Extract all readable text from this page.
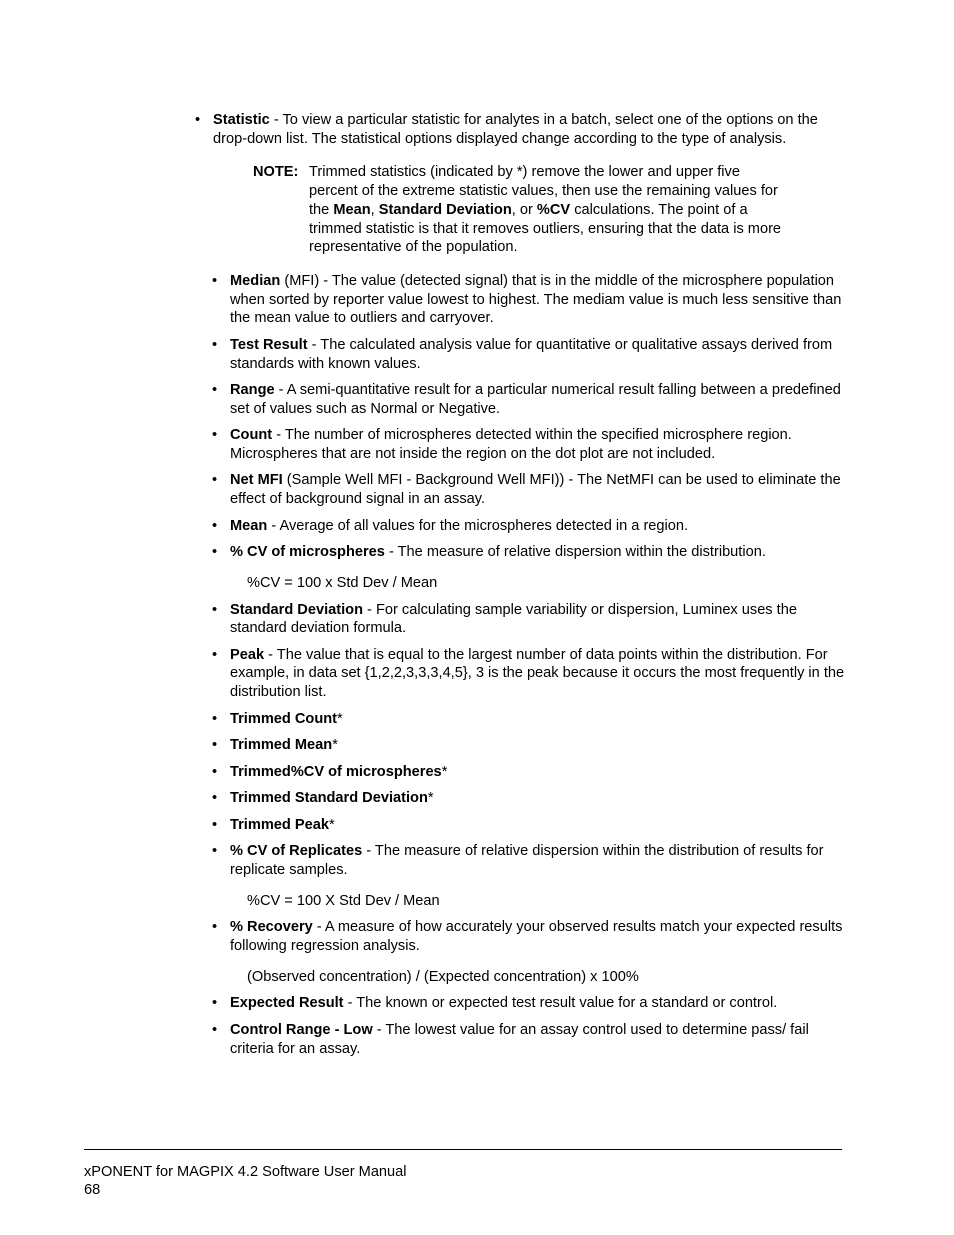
• Statistic - To view a particular statistic for analytes in a batch, select one of the options on the drop-down list. The statistical options displayed change according to the type of analysis.
NOTE: Trimmed statistics (indicated by *) remove the lower and upper five percent of the extreme statistic values, then use the remaining values for the Mean, Standard Deviation, or %CV calculations. The point of a trimmed statistic is that it removes outliers, ensuring that the data is more representative of the population.
• Median (MFI) - The value (detected signal) that is in the middle of the microsphere population when sorted by reporter value lowest to highest. The mediam value is much less sensitive than the mean value to outliers and carryover.
• Test Result - The calculated analysis value for quantitative or qualitative assays derived from standards with known values.
• Range - A semi-quantitative result for a particular numerical result falling between a predefined set of values such as Normal or Negative.
• Count - The number of microspheres detected within the specified microsphere region. Microspheres that are not inside the region on the dot plot are not included.
• Net MFI (Sample Well MFI - Background Well MFI)) - The NetMFI can be used to eliminate the effect of background signal in an assay.
• Mean - Average of all values for the microspheres detected in a region.
• % CV of microspheres - The measure of relative dispersion within the distribution.
%CV = 100 x Std Dev / Mean
• Standard Deviation - For calculating sample variability or dispersion, Luminex uses the standard deviation formula.
• Peak - The value that is equal to the largest number of data points within the distribution. For example, in data set {1,2,2,3,3,3,4,5}, 3 is the peak because it occurs the most frequently in the distribution list.
• Trimmed Count*
• Trimmed Mean*
• Trimmed%CV of microspheres*
• Trimmed Standard Deviation*
• Trimmed Peak*
• % CV of Replicates - The measure of relative dispersion within the distribution of results for replicate samples.
%CV = 100 X Std Dev / Mean
• % Recovery - A measure of how accurately your observed results match your expected results following regression analysis.
(Observed concentration) / (Expected concentration) x 100%
• Expected Result - The known or expected test result value for a standard or control.
• Control Range - Low - The lowest value for an assay control used to determine pass/ fail criteria for an assay.
xPONENT for MAGPIX 4.2 Software User Manual
68
